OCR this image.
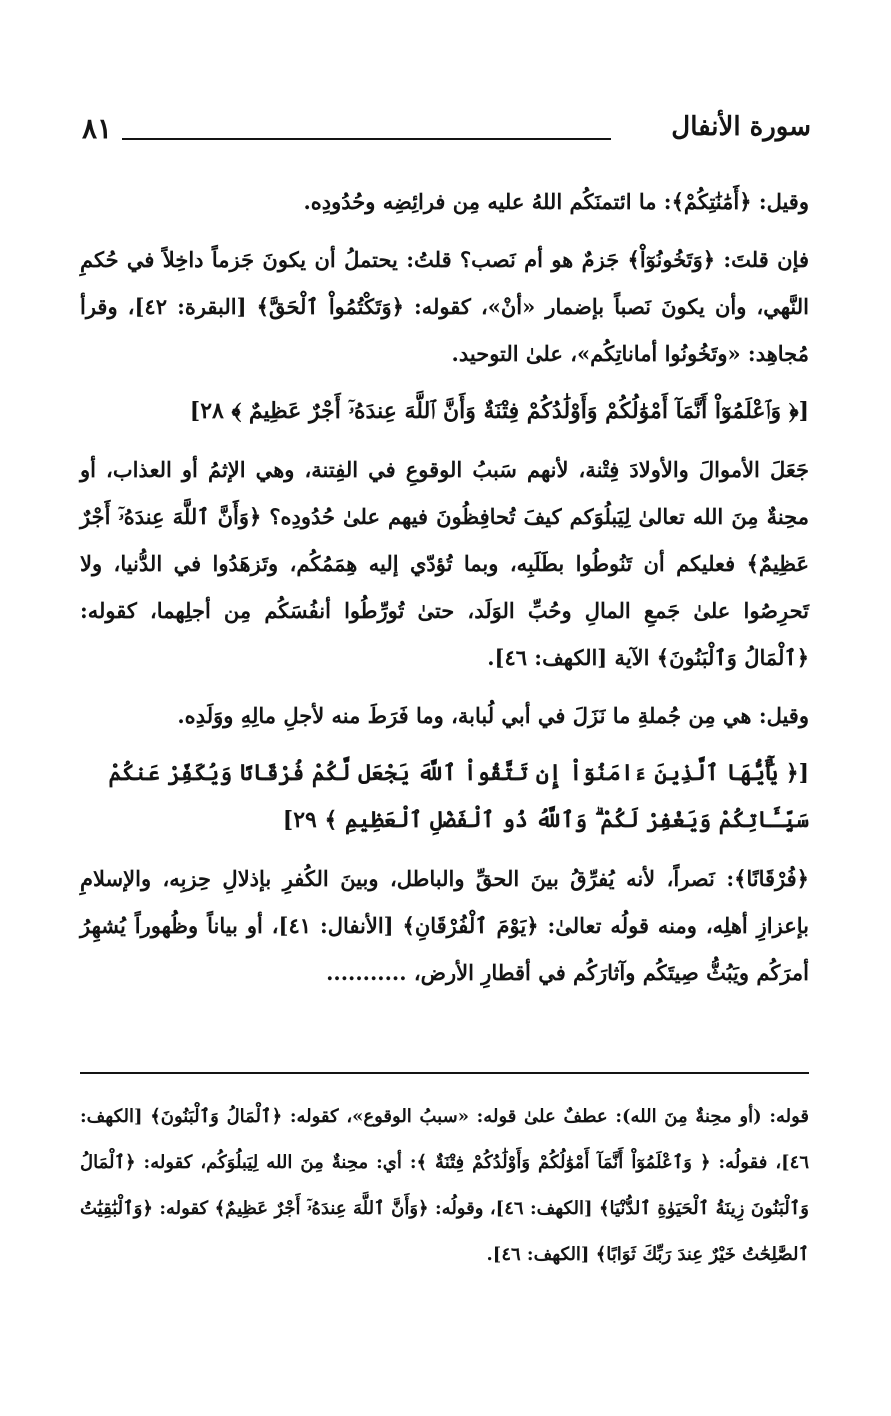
سورة الأنفال
٨١

وقيل: ﴿أَمَٰنَٰتِكُمْ﴾: ما ائتمنَكُم اللهُ عليه مِن فرائِضِه وحُدُودِه.

فإن قلتَ: ﴿وَتَخُونُوٓاْ﴾ جَزمٌ هو أم نَصب؟ قلتُ: يحتملُ أن يكونَ جَزماً داخِلاً في حُكمِ النَّهي، وأن يكونَ نَصباً بإضمار «أنْ»، كقوله: ﴿وَتَكْتُمُواْ ٱلْحَقَّ﴾ [البقرة: ٤٢]، وقرأ مُجاهِد: «وتَخُونُوا أماناتِكُم»، علىٰ التوحيد.

[﴿ وَٱعْلَمُوٓاْ أَنَّمَآ أَمْوَٰلُكُمْ وَأَوْلَٰدُكُمْ فِتْنَةٌ وَأَنَّ ٱللَّهَ عِندَهُۥٓ أَجْرٌ عَظِيمٌ ﴾ ٢٨]

جَعَلَ الأموالَ والأولادَ فِتْنة، لأنهم سَببُ الوقوعِ في الفِتنة، وهي الإثمُ أو العذاب، أو محِنةٌ مِنَ الله تعالىٰ لِيَبلُوَكم كيفَ تُحافِظُونَ فيهم علىٰ حُدُودِه؟ ﴿وَأَنَّ ٱللَّهَ عِندَهُۥٓ أَجْرٌ عَظِيمٌ﴾ فعليكم أن تَنُوطُوا بطَلَبِه، وبما تُؤدّي إليه هِمَمُكُم، وتَزهَدُوا في الدُّنيا، ولا تَحرِصُوا علىٰ جَمعِ المالِ وحُبِّ الوَلَد، حتىٰ تُورِّطُوا أنفُسَكُم مِن أجلِهما، كقوله: ﴿ٱلْمَالُ وَٱلْبَنُونَ﴾ الآية [الكهف: ٤٦].

وقيل: هي مِن جُملةِ ما نَزَلَ في أبي لُبابة، وما فَرَطَ منه لأجلِ مالِهِ ووَلَدِه.

[﴿ يَٰٓأَيُّهَا ٱلَّذِينَ ءَامَنُوٓاْ إِن تَتَّقُواْ ٱللَّهَ يَجْعَل لَّكُمْ فُرْقَانًا وَيُكَفِّرْ عَنكُمْ سَيِّـَٔاتِكُمْ وَيَغْفِرْ لَكُمْ ۗ وَٱللَّهُ ذُو ٱلْفَضْلِ ٱلْعَظِيمِ ﴾ ٢٩]

﴿فُرْقَانًا﴾: نَصراً، لأنه يُفرِّقُ بينَ الحقِّ والباطل، وبينَ الكُفرِ بإذلالِ حِزبِه، والإسلامِ بإعزازِ أهلِه، ومنه قولُه تعالىٰ: ﴿يَوْمَ ٱلْفُرْقَانِ﴾ [الأنفال: ٤١]، أو بياناً وظُهوراً يُشهِرُ أمرَكُم ويَبُثُّ صِيتَكُم وآثارَكُم في أقطارِ الأرض، ...........

قوله: (أو محِنةٌ مِنَ الله): عطفٌ علىٰ قوله: «سببُ الوقوع»، كقوله: ﴿ٱلْمَالُ وَٱلْبَنُونَ﴾ [الكهف: ٤٦]، فقولُه: ﴿ وَٱعْلَمُوٓاْ أَنَّمَآ أَمْوَٰلُكُمْ وَأَوْلَٰدُكُمْ فِتْنَةٌ ﴾: أي: محِنةٌ مِنَ الله لِيَبلُوَكُم، كقوله: ﴿ٱلْمَالُ وَٱلْبَنُونَ زِينَةُ ٱلْحَيَوٰةِ ٱلدُّنْيَا﴾ [الكهف: ٤٦]، وقولُه: ﴿وَأَنَّ ٱللَّهَ عِندَهُۥٓ أَجْرٌ عَظِيمٌ﴾ كقوله: ﴿وَٱلْبَٰقِيَٰتُ ٱلصَّٰلِحَٰتُ خَيْرٌ عِندَ رَبِّكَ ثَوَابًا﴾ [الكهف: ٤٦].
